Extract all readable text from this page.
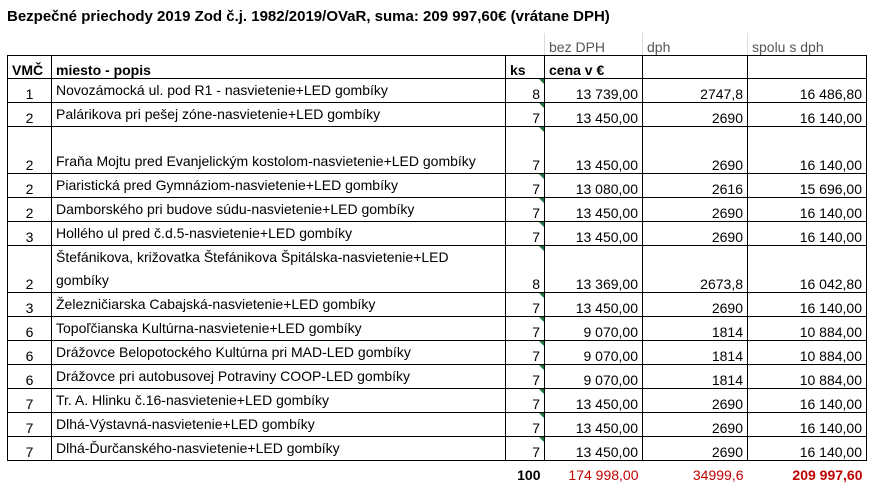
Bezpečné priechody 2019 Zod č.j. 1982/2019/OVaR, suma: 209 997,60€ (vrátane DPH)
			bez DPH	dph	spolu s dph
VMČ	miesto - popis	ks	cena v €		
1	Novozámocká ul. pod R1 - nasvietenie+LED gombíky	8	13 739,00	2747,8	16 486,80
2	Palárikova pri pešej zóne-nasvietenie+LED gombíky	7	13 450,00	2690	16 140,00
2	Fraňa Mojtu pred Evanjelickým kostolom-nasvietenie+LED gombíky	7	13 450,00	2690	16 140,00
2	Piaristická pred Gymnáziom-nasvietenie+LED gombíky	7	13 080,00	2616	15 696,00
2	Damborského pri budove súdu-nasvietenie+LED gombíky	7	13 450,00	2690	16 140,00
3	Hollého ul pred č.d.5-nasvietenie+LED gombíky	7	13 450,00	2690	16 140,00
2	Štefánikova, križovatka Štefánikova Špitálska-nasvietenie+LED gombíky	8	13 369,00	2673,8	16 042,80
3	Železničiarska Cabajská-nasvietenie+LED gombíky	7	13 450,00	2690	16 140,00
6	Topoľčianska Kultúrna-nasvietenie+LED gombíky	7	9 070,00	1814	10 884,00
6	Drážovce Belopotockého Kultúrna pri MAD-LED gombíky	7	9 070,00	1814	10 884,00
6	Drážovce pri autobusovej Potraviny COOP-LED gombíky	7	9 070,00	1814	10 884,00
7	Tr. A. Hlinku č.16-nasvietenie+LED gombíky	7	13 450,00	2690	16 140,00
7	Dlhá-Výstavná-nasvietenie+LED gombíky	7	13 450,00	2690	16 140,00
7	Dlhá-Ďurčanského-nasvietenie+LED gombíky	7	13 450,00	2690	16 140,00
		100	174 998,00	34999,6	209 997,60
